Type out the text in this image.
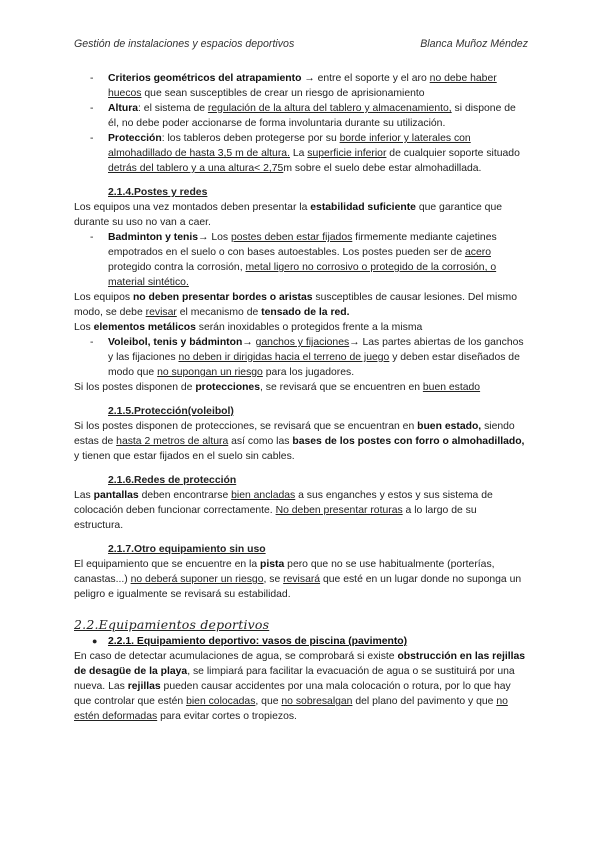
Gestión de instalaciones y espacios deportivos	Blanca Muñoz Méndez
- Criterios geométricos del atrapamiento → entre el soporte y el aro no debe haber huecos que sean susceptibles de crear un riesgo de aprisionamiento

- Altura: el sistema de regulación de la altura del tablero y almacenamiento, si dispone de él, no debe poder accionarse de forma involuntaria durante su utilización.

- Protección: los tableros deben protegerse por su borde inferior y laterales con almohadillado de hasta 3,5 m de altura. La superficie inferior de cualquier soporte situado detrás del tablero y a una altura< 2,75m sobre el suelo debe estar almohadillada.

2.1.4.Postes y redes

Los equipos una vez montados deben presentar la estabilidad suficiente que garantice que durante su uso no van a caer.

- Badminton y tenis→ Los postes deben estar fijados firmemente mediante cajetines empotrados en el suelo o con bases autoestables. Los postes pueden ser de acero protegido contra la corrosión, metal ligero no corrosivo o protegido de la corrosión, o material sintético.

Los equipos no deben presentar bordes o aristas susceptibles de causar lesiones. Del mismo modo, se debe revisar el mecanismo de tensado de la red.

Los elementos metálicos serán inoxidables o protegidos frente a la misma

- Voleibol, tenis y bádminton→ ganchos y fijaciones→ Las partes abiertas de los ganchos y las fijaciones no deben ir dirigidas hacia el terreno de juego y deben estar diseñados de modo que no supongan un riesgo para los jugadores.

Si los postes disponen de protecciones, se revisará que se encuentren en buen estado

2.1.5.Protección(voleibol)

Si los postes disponen de protecciones, se revisará que se encuentran en buen estado, siendo estas de hasta 2 metros de altura así como las bases de los postes con forro o almohadillado, y tienen que estar fijados en el suelo sin cables.

2.1.6.Redes de protección

Las pantallas deben encontrarse bien ancladas a sus enganches y estos y sus sistema de colocación deben funcionar correctamente. No deben presentar roturas a lo largo de su estructura.

2.1.7.Otro equipamiento sin uso

El equipamiento que se encuentre en la pista pero que no se use habitualmente (porterías, canastas...) no deberá suponer un riesgo, se revisará que esté en un lugar donde no suponga un peligro e igualmente se revisará su estabilidad.

2.2.Equipamientos deportivos
● 2.2.1. Equipamiento deportivo: vasos de piscina (pavimento)

En caso de detectar acumulaciones de agua, se comprobará si existe obstrucción en las rejillas de desagüe de la playa, se limpiará para facilitar la evacuación de agua o se sustituirá por una nueva. Las rejillas pueden causar accidentes por una mala colocación o rotura, por lo que hay que controlar que estén bien colocadas, que no sobresalgan del plano del pavimento y que no estén deformadas para evitar cortes o tropiezos.
